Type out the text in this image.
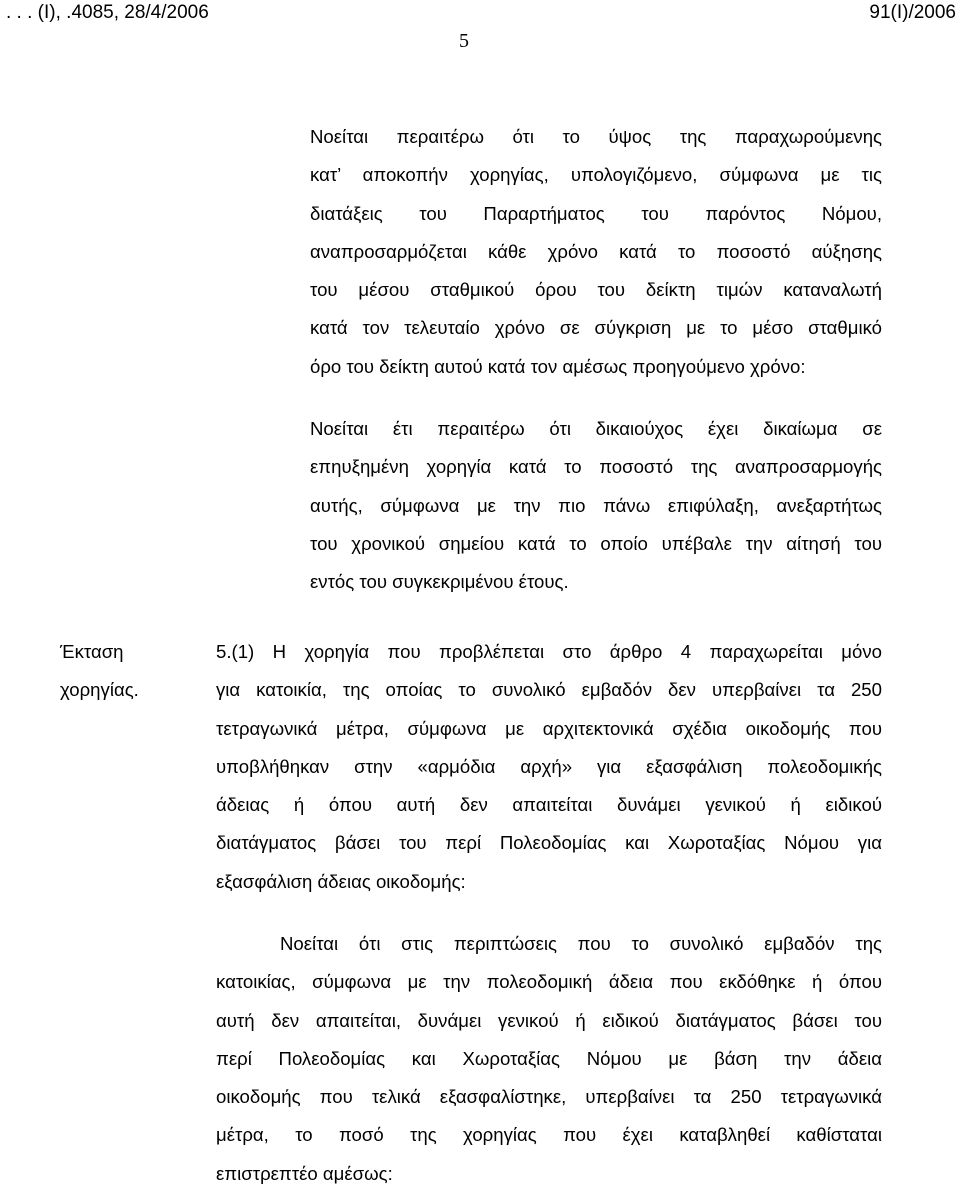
. . . (Ι), .4085, 28/4/2006	91(I)/2006
5
Νοείται περαιτέρω ότι το ύψος της παραχωρούμενης
κατ’ αποκοπήν χορηγίας, υπολογιζόμενο, σύμφωνα με τις
διατάξεις του Παραρτήματος του παρόντος Νόμου,
αναπροσαρμόζεται κάθε χρόνο κατά το ποσοστό αύξησης
του μέσου σταθμικού όρου του δείκτη τιμών καταναλωτή
κατά τον τελευταίο χρόνο σε σύγκριση με το μέσο σταθμικό
όρο του δείκτη αυτού κατά τον αμέσως προηγούμενο χρόνο:
Νοείται έτι περαιτέρω ότι δικαιούχος έχει δικαίωμα σε
επηυξημένη χορηγία κατά το ποσοστό της αναπροσαρμογής
αυτής, σύμφωνα με την πιο πάνω επιφύλαξη, ανεξαρτήτως
του χρονικού σημείου κατά το οποίο υπέβαλε την αίτησή του
εντός του συγκεκριμένου έτους.
Έκταση
χορηγίας.
5.(1) Η χορηγία που προβλέπεται στο άρθρο 4 παραχωρείται μόνο
για κατοικία, της οποίας το συνολικό εμβαδόν δεν υπερβαίνει τα 250
τετραγωνικά μέτρα, σύμφωνα με αρχιτεκτονικά σχέδια οικοδομής που
υποβλήθηκαν στην «αρμόδια αρχή» για εξασφάλιση πολεοδομικής
άδειας ή όπου αυτή δεν απαιτείται δυνάμει γενικού ή ειδικού
διατάγματος βάσει του περί Πολεοδομίας και Χωροταξίας Νόμου για
εξασφάλιση άδειας οικοδομής:
Νοείται ότι στις περιπτώσεις που το συνολικό εμβαδόν της
κατοικίας, σύμφωνα με την πολεοδομική άδεια που εκδόθηκε ή όπου
αυτή δεν απαιτείται, δυνάμει γενικού ή ειδικού διατάγματος βάσει του
περί Πολεοδομίας και Χωροταξίας Νόμου με βάση την άδεια
οικοδομής που τελικά εξασφαλίστηκε, υπερβαίνει τα 250 τετραγωνικά
μέτρα, το ποσό της χορηγίας που έχει καταβληθεί καθίσταται
επιστρεπτέο αμέσως:
